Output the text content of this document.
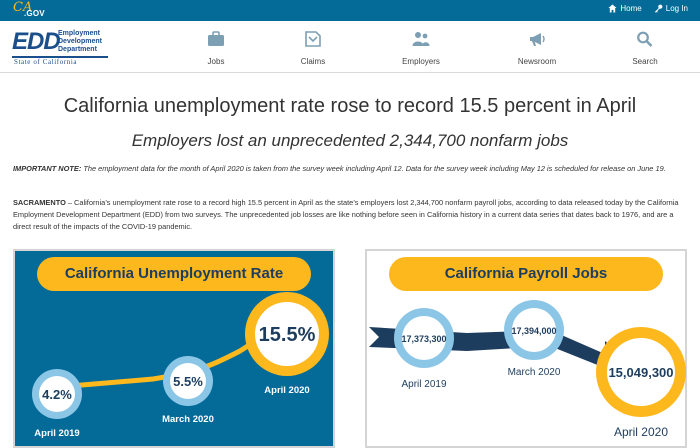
CA
.GOV
Home	Log In
EDD
Employment
Development
Department
State of California	Jobs	Claims	Employers	Newsroom	Search
California unemployment rate rose to record 15.5 percent in April
Employers lost an unprecedented 2,344,700 nonfarm jobs
IMPORTANT NOTE: The employment data for the month of April 2020 is taken from the survey week including April 12. Data for the survey week including May 12 is scheduled for release on June 19.
SACRAMENTO – California’s unemployment rate rose to a record high 15.5 percent in April as the state’s employers lost 2,344,700 nonfarm payroll jobs, according to data released today by the California Employment Development Department (EDD) from two surveys. The unprecedented job losses are like nothing before seen in California history in a current data series that dates back to 1976, and are a direct result of the impacts of the COVID-19 pandemic.
4.2%
April 2019
5.5%
March 2020
15.5%
April 2020
California Unemployment Rate
17,373,300
April 2019
17,394,000
March 2020	15,049,300
April 2020
California Payroll Jobs
